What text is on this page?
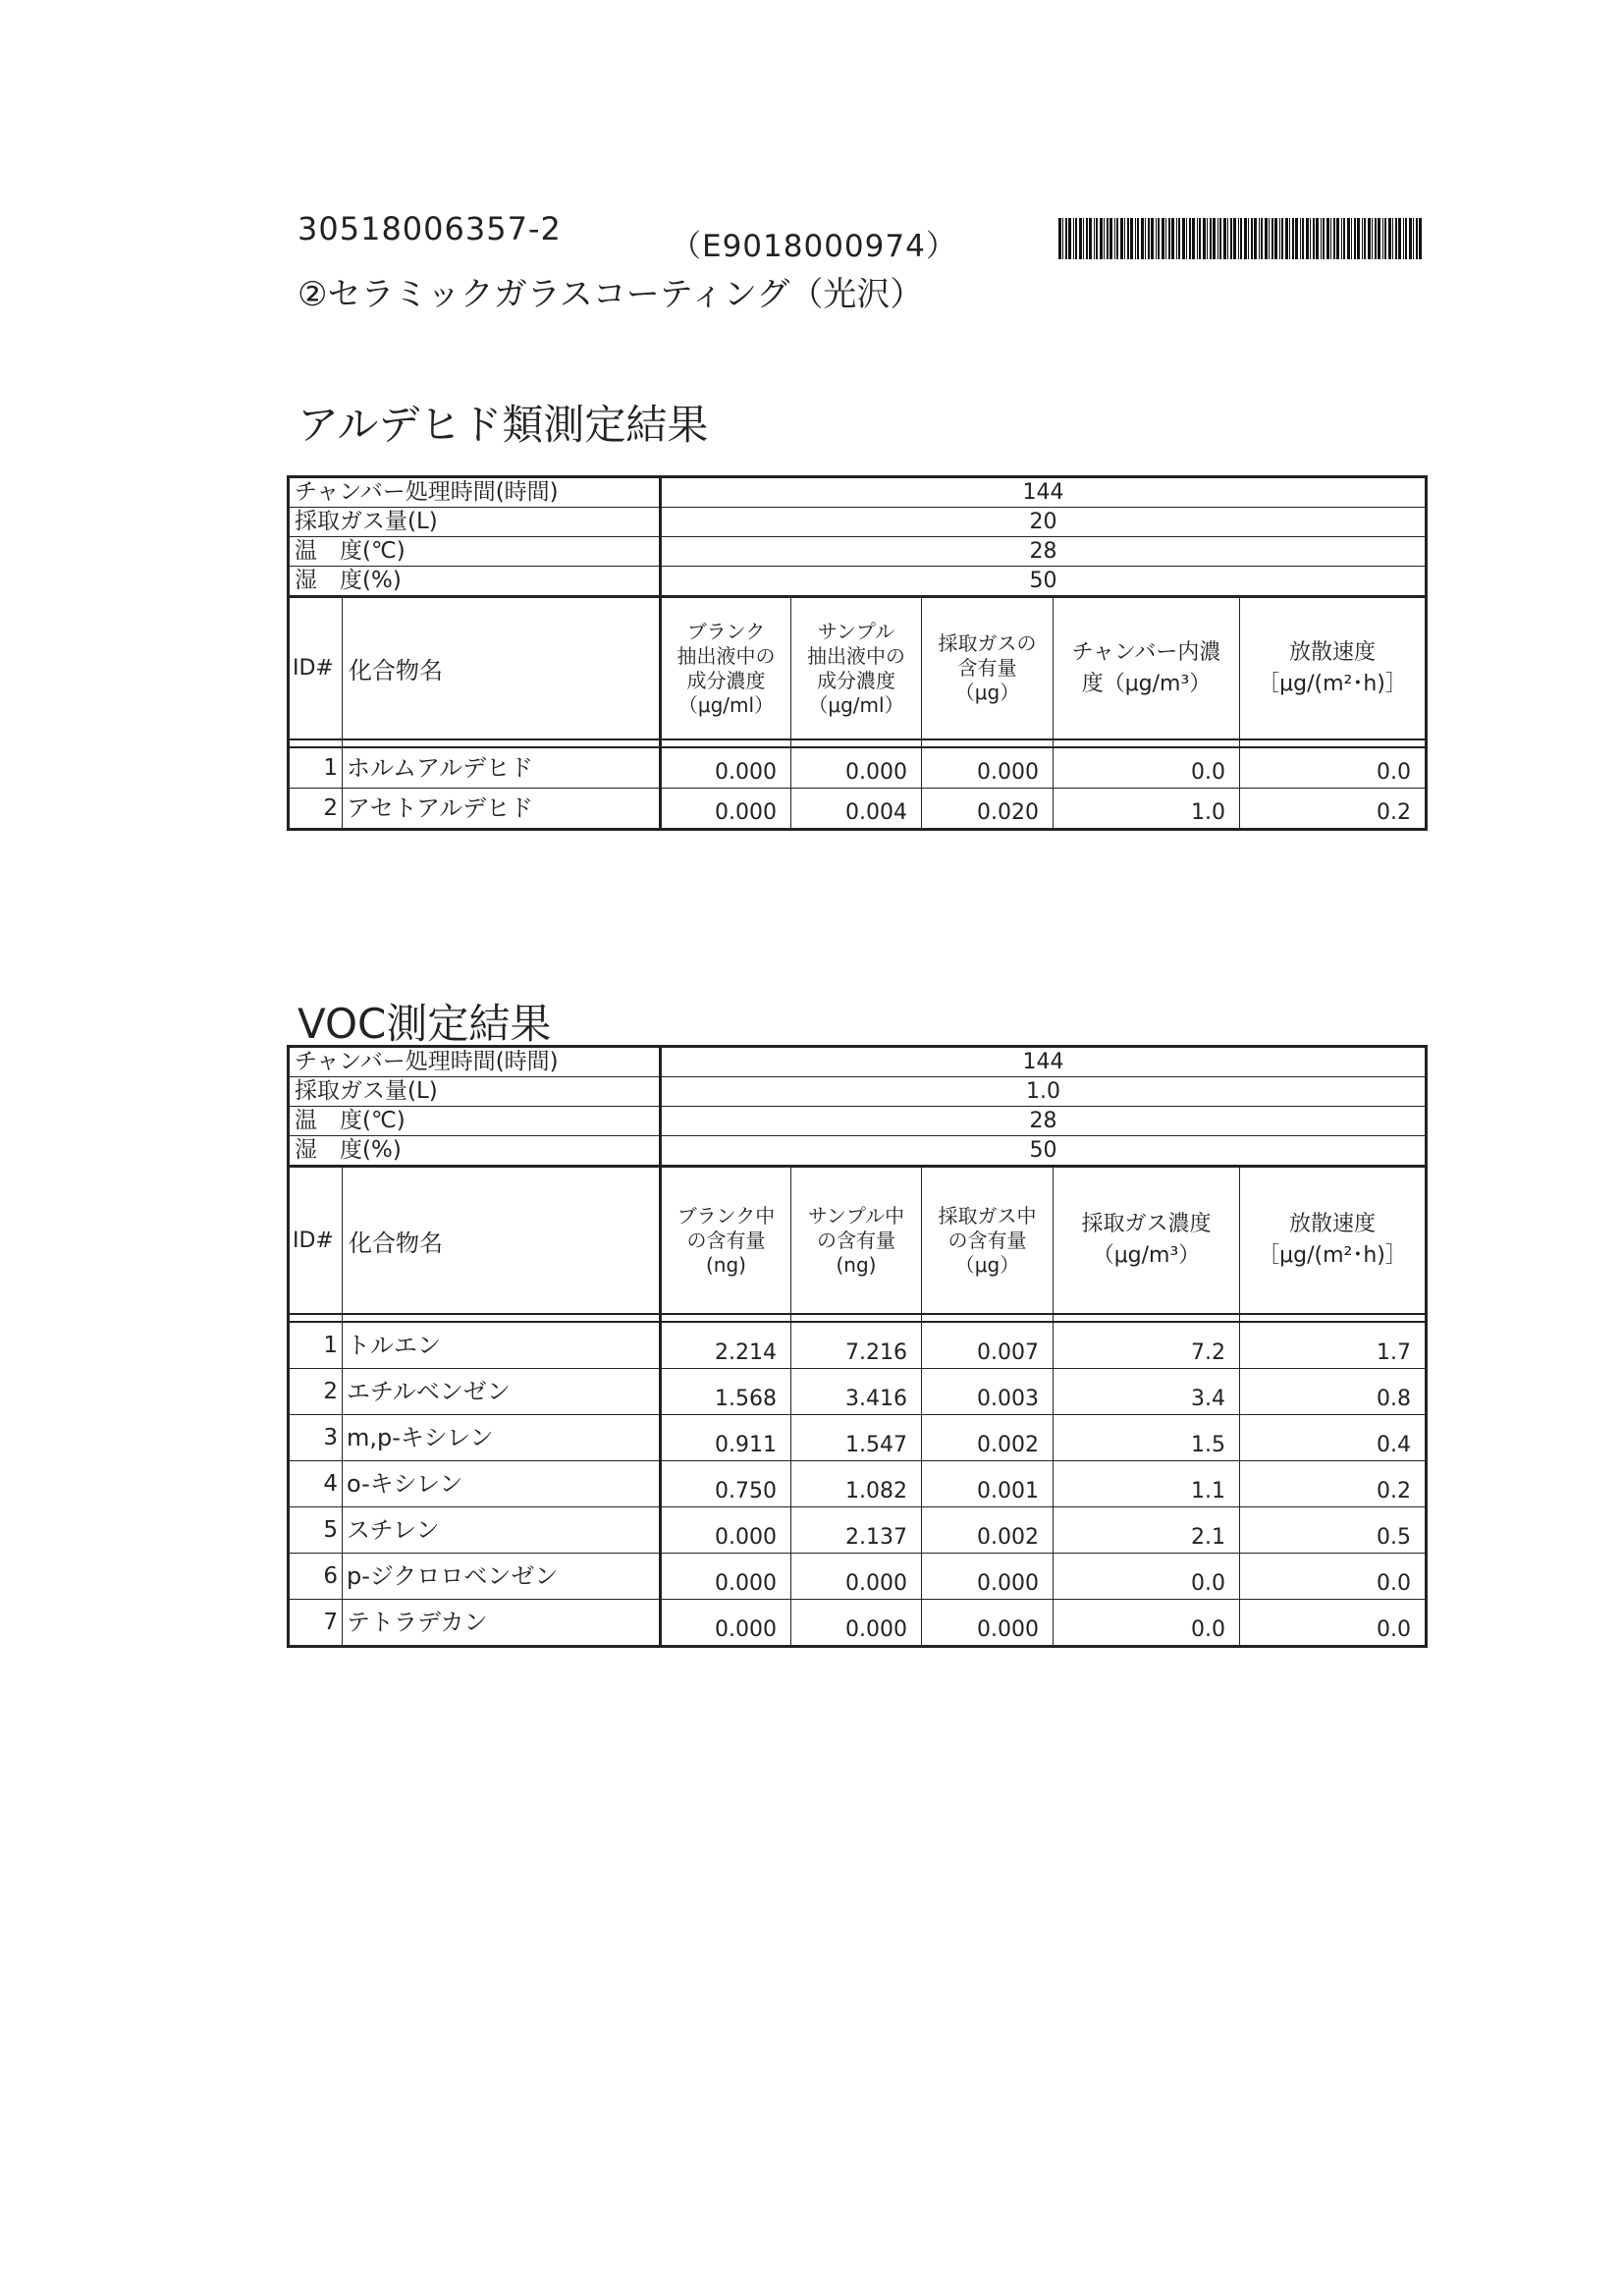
30518006357-2	（E9018000974）
②セラミックガラスコーティング（光沢）
アルデヒド類測定結果
チャンバー処理時間(時間)		144				
採取ガス量(L)		20				
温　度(℃)		28				
湿　度(%)		50				
ID#	化合物名	ブランク
抽出液中の
成分濃度
（μg/ml）	サンプル
抽出液中の
成分濃度
（μg/ml）	採取ガスの
含有量
（μg）	チャンバー内濃
度（μg/m³）	放散速度
［μg/(m²･h)］

1	ホルムアルデヒド	0.000	0.000	0.000	0.0	0.0
2	アセトアルデヒド	0.000	0.004	0.020	1.0	0.2
VOC測定結果
チャンバー処理時間(時間)		144				
採取ガス量(L)		1.0				
温　度(℃)		28				
湿　度(%)		50				
ID#	化合物名	ブランク中
の含有量
(ng)	サンプル中
の含有量
(ng)	採取ガス中
の含有量
（μg）	採取ガス濃度
（μg/m³）	放散速度
［μg/(m²･h)］

1	トルエン	2.214	7.216	0.007	7.2	1.7
2	エチルベンゼン	1.568	3.416	0.003	3.4	0.8
3	m,p-キシレン	0.911	1.547	0.002	1.5	0.4
4	o-キシレン	0.750	1.082	0.001	1.1	0.2
5	スチレン	0.000	2.137	0.002	2.1	0.5
6	p-ジクロロベンゼン	0.000	0.000	0.000	0.0	0.0
7	テトラデカン	0.000	0.000	0.000	0.0	0.0
